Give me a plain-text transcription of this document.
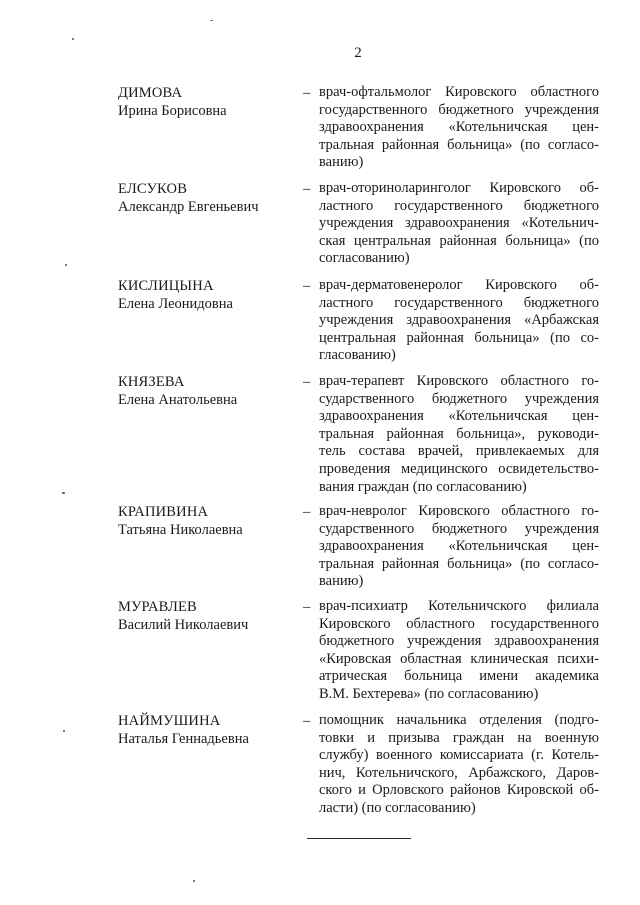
2
ДИМОВА
Ирина Борисовна
– врач-офтальмолог Кировского областного
государственного бюджетного учреждения
здравоохранения «Котельничская цен-
тральная районная больница» (по согласо-
ванию)
ЕЛСУКОВ
Александр Евгеньевич
– врач-оториноларинголог Кировского об-
ластного государственного бюджетного
учреждения здравоохранения «Котельнич-
ская центральная районная больница» (по
согласованию)
КИСЛИЦЫНА
Елена Леонидовна
– врач-дерматовенеролог Кировского об-
ластного государственного бюджетного
учреждения здравоохранения «Арбажская
центральная районная больница» (по со-
гласованию)
КНЯЗЕВА
Елена Анатольевна
– врач-терапевт Кировского областного го-
сударственного бюджетного учреждения
здравоохранения «Котельничская цен-
тральная районная больница», руководи-
тель состава врачей, привлекаемых для
проведения медицинского освидетельство-
вания граждан (по согласованию)
КРАПИВИНА
Татьяна Николаевна
– врач-невролог Кировского областного го-
сударственного бюджетного учреждения
здравоохранения «Котельничская цен-
тральная районная больница» (по согласо-
ванию)
МУРАВЛЕВ
Василий Николаевич
– врач-психиатр Котельничского филиала
Кировского областного государственного
бюджетного учреждения здравоохранения
«Кировская областная клиническая психи-
атрическая больница имени академика
В.М. Бехтерева» (по согласованию)
НАЙМУШИНА
Наталья Геннадьевна
– помощник начальника отделения (подго-
товки и призыва граждан на военную
службу) военного комиссариата (г. Котель-
нич, Котельничского, Арбажского, Даров-
ского и Орловского районов Кировской об-
ласти) (по согласованию)
